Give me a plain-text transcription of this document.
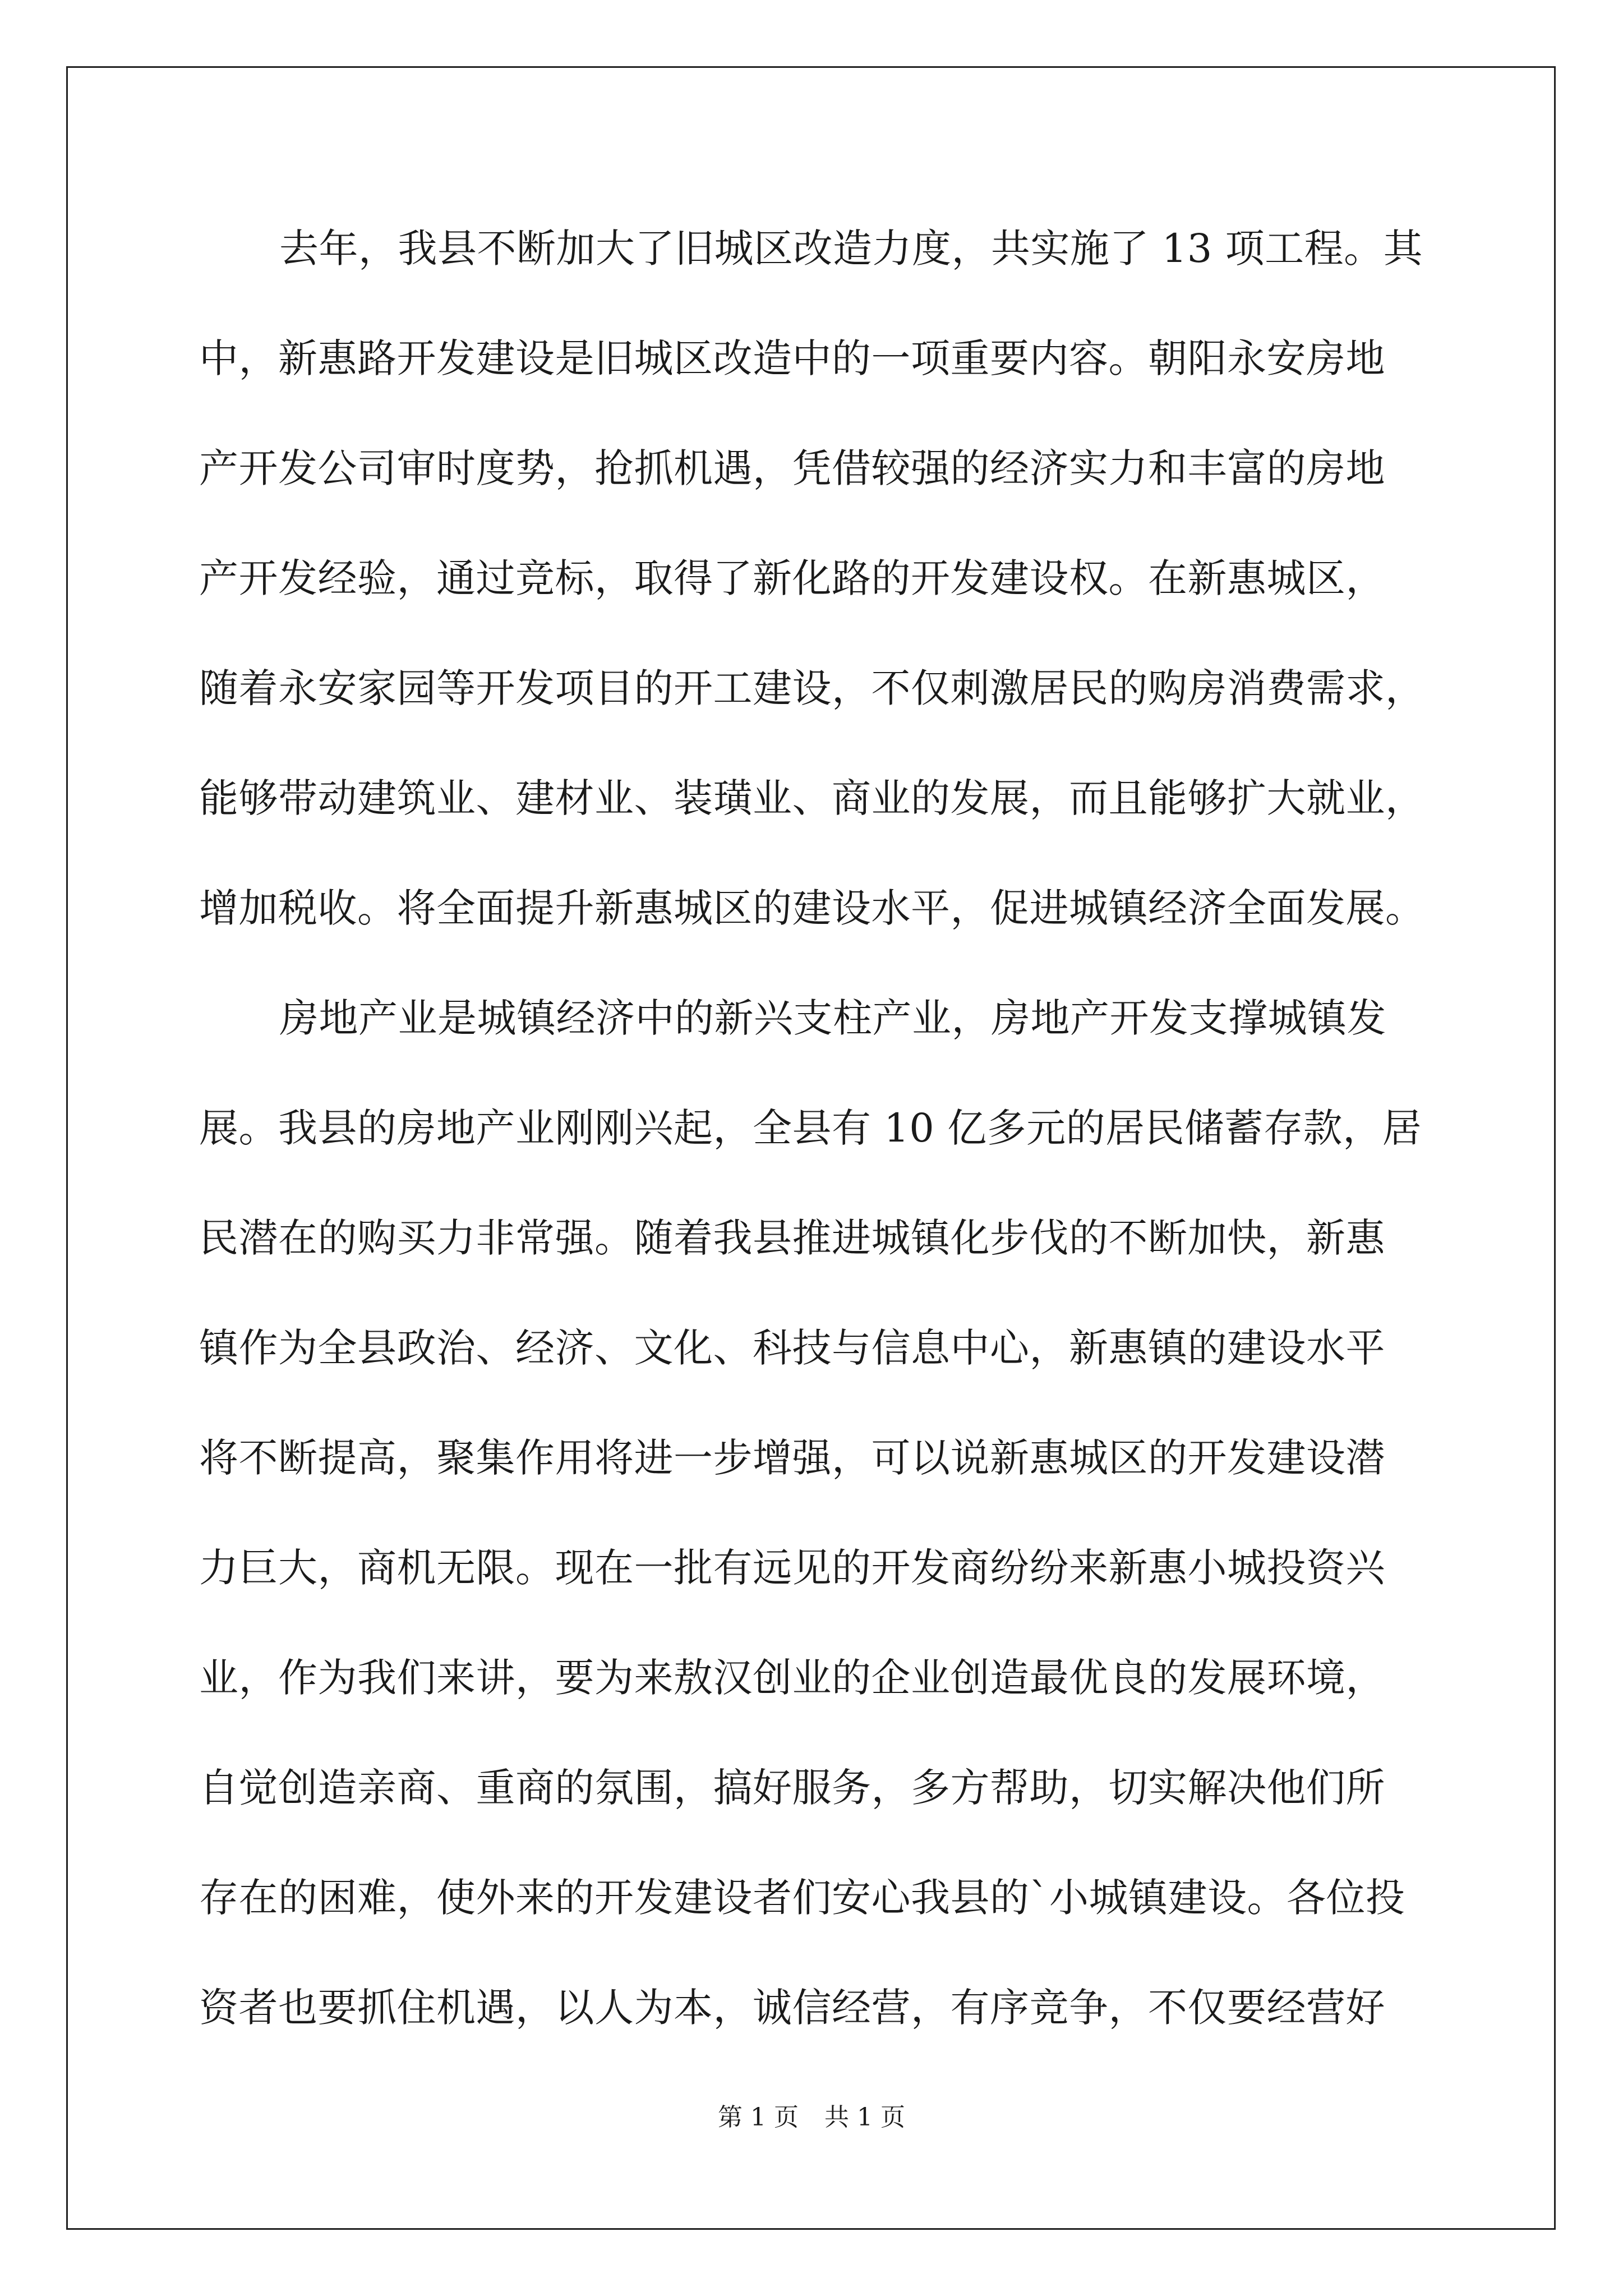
去年，我县不断加大了旧城区改造力度，共实施了 13 项工程。其
中，新惠路开发建设是旧城区改造中的一项重要内容。朝阳永安房地
产开发公司审时度势，抢抓机遇，凭借较强的经济实力和丰富的房地
产开发经验，通过竞标，取得了新化路的开发建设权。在新惠城区，
随着永安家园等开发项目的开工建设，不仅刺激居民的购房消费需求，
能够带动建筑业、建材业、装璜业、商业的发展，而且能够扩大就业，
增加税收。将全面提升新惠城区的建设水平，促进城镇经济全面发展。
房地产业是城镇经济中的新兴支柱产业，房地产开发支撑城镇发
展。我县的房地产业刚刚兴起，全县有 10 亿多元的居民储蓄存款，居
民潜在的购买力非常强。随着我县推进城镇化步伐的不断加快，新惠
镇作为全县政治、经济、文化、科技与信息中心，新惠镇的建设水平
将不断提高，聚集作用将进一步增强，可以说新惠城区的开发建设潜
力巨大，商机无限。现在一批有远见的开发商纷纷来新惠小城投资兴
业，作为我们来讲，要为来敖汉创业的企业创造最优良的发展环境，
自觉创造亲商、重商的氛围，搞好服务，多方帮助，切实解决他们所
存在的困难，使外来的开发建设者们安心我县的`小城镇建设。各位投
资者也要抓住机遇，以人为本，诚信经营，有序竞争，不仅要经营好
第 1 页 共 1 页
